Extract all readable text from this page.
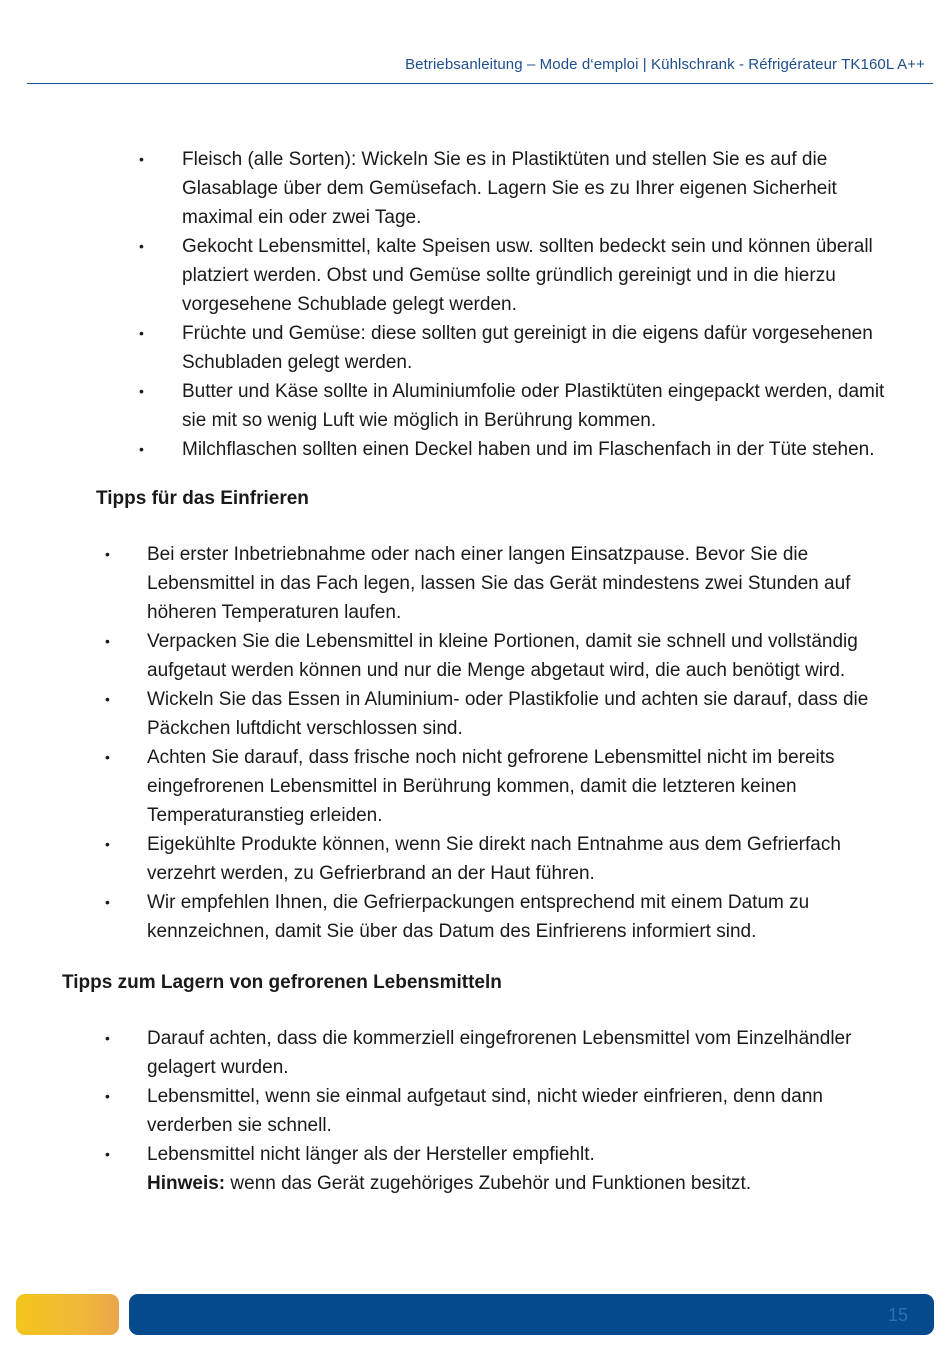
Betriebsanleitung – Mode d‘emploi | Kühlschrank - Réfrigérateur TK160L A++
• Fleisch (alle Sorten): Wickeln Sie es in Plastiktüten und stellen Sie es auf die Glasablage über dem Gemüsefach. Lagern Sie es zu Ihrer eigenen Sicherheit maximal ein oder zwei Tage.
• Gekocht Lebensmittel, kalte Speisen usw. sollten bedeckt sein und können überall platziert werden. Obst und Gemüse sollte gründlich gereinigt und in die hierzu vorgesehene Schublade gelegt werden.
• Früchte und Gemüse: diese sollten gut gereinigt in die eigens dafür vorgesehenen Schubladen gelegt werden.
• Butter und Käse sollte in Aluminiumfolie oder Plastiktüten eingepackt werden, damit sie mit so wenig Luft wie möglich in Berührung kommen.
• Milchflaschen sollten einen Deckel haben und im Flaschenfach in der Tüte stehen.
Tipps für das Einfrieren
• Bei erster Inbetriebnahme oder nach einer langen Einsatzpause. Bevor Sie die Lebensmittel in das Fach legen, lassen Sie das Gerät mindestens zwei Stunden auf höheren Temperaturen laufen.
• Verpacken Sie die Lebensmittel in kleine Portionen, damit sie schnell und vollständig aufgetaut werden können und nur die Menge abgetaut wird, die auch benötigt wird.
• Wickeln Sie das Essen in Aluminium- oder Plastikfolie und achten sie darauf, dass die Päckchen luftdicht verschlossen sind.
• Achten Sie darauf, dass frische noch nicht gefrorene Lebensmittel nicht im bereits eingefrorenen Lebensmittel in Berührung kommen, damit die letzteren keinen Temperaturanstieg erleiden.
• Eigekühlte Produkte können, wenn Sie direkt nach Entnahme aus dem Gefrierfach verzehrt werden, zu Gefrierbrand an der Haut führen.
• Wir empfehlen Ihnen, die Gefrierpackungen entsprechend mit einem Datum zu kennzeichnen, damit Sie über das Datum des Einfrierens informiert sind.
Tipps zum Lagern von gefrorenen Lebensmitteln
• Darauf achten, dass die kommerziell eingefrorenen Lebensmittel vom Einzelhändler gelagert wurden.
• Lebensmittel, wenn sie einmal aufgetaut sind, nicht wieder einfrieren, denn dann verderben sie schnell.
• Lebensmittel nicht länger als der Hersteller empfiehlt.
Hinweis: wenn das Gerät zugehöriges Zubehör und Funktionen besitzt.
15
